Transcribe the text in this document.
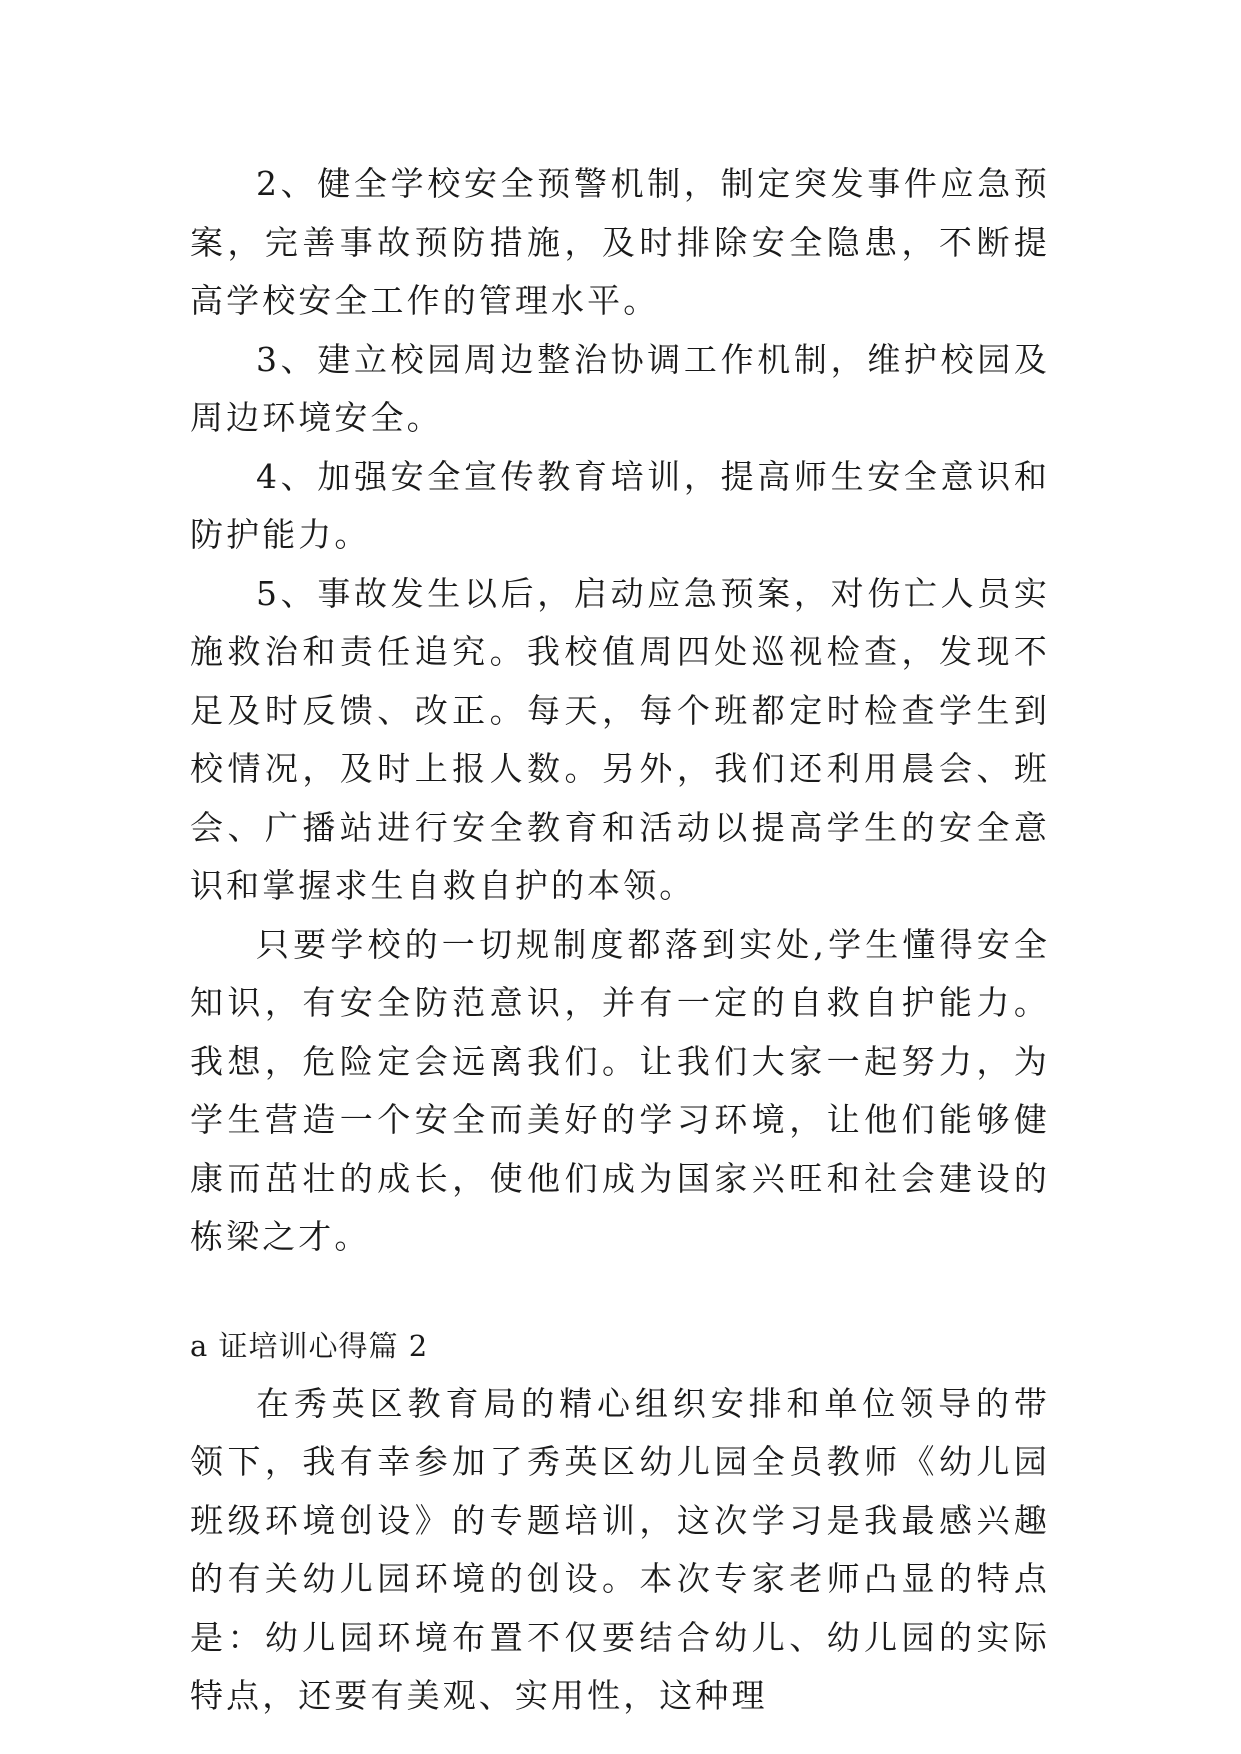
2、健全学校安全预警机制，制定突发事件应急预案，完善事故预防措施，及时排除安全隐患，不断提高学校安全工作的管理水平。

3、建立校园周边整治协调工作机制，维护校园及周边环境安全。

4、加强安全宣传教育培训，提高师生安全意识和防护能力。

5、事故发生以后，启动应急预案，对伤亡人员实施救治和责任追究。我校值周四处巡视检查，发现不足及时反馈、改正。每天，每个班都定时检查学生到校情况，及时上报人数。另外，我们还利用晨会、班会、广播站进行安全教育和活动以提高学生的安全意识和掌握求生自救自护的本领。

只要学校的一切规制度都落到实处,学生懂得安全知识，有安全防范意识，并有一定的自救自护能力。我想，危险定会远离我们。让我们大家一起努力，为学生营造一个安全而美好的学习环境，让他们能够健康而茁壮的成长，使他们成为国家兴旺和社会建设的栋梁之才。

a 证培训心得篇 2

在秀英区教育局的精心组织安排和单位领导的带领下，我有幸参加了秀英区幼儿园全员教师《幼儿园班级环境创设》的专题培训，这次学习是我最感兴趣的有关幼儿园环境的创设。本次专家老师凸显的特点是：幼儿园环境布置不仅要结合幼儿、幼儿园的实际特点，还要有美观、实用性，这种理
